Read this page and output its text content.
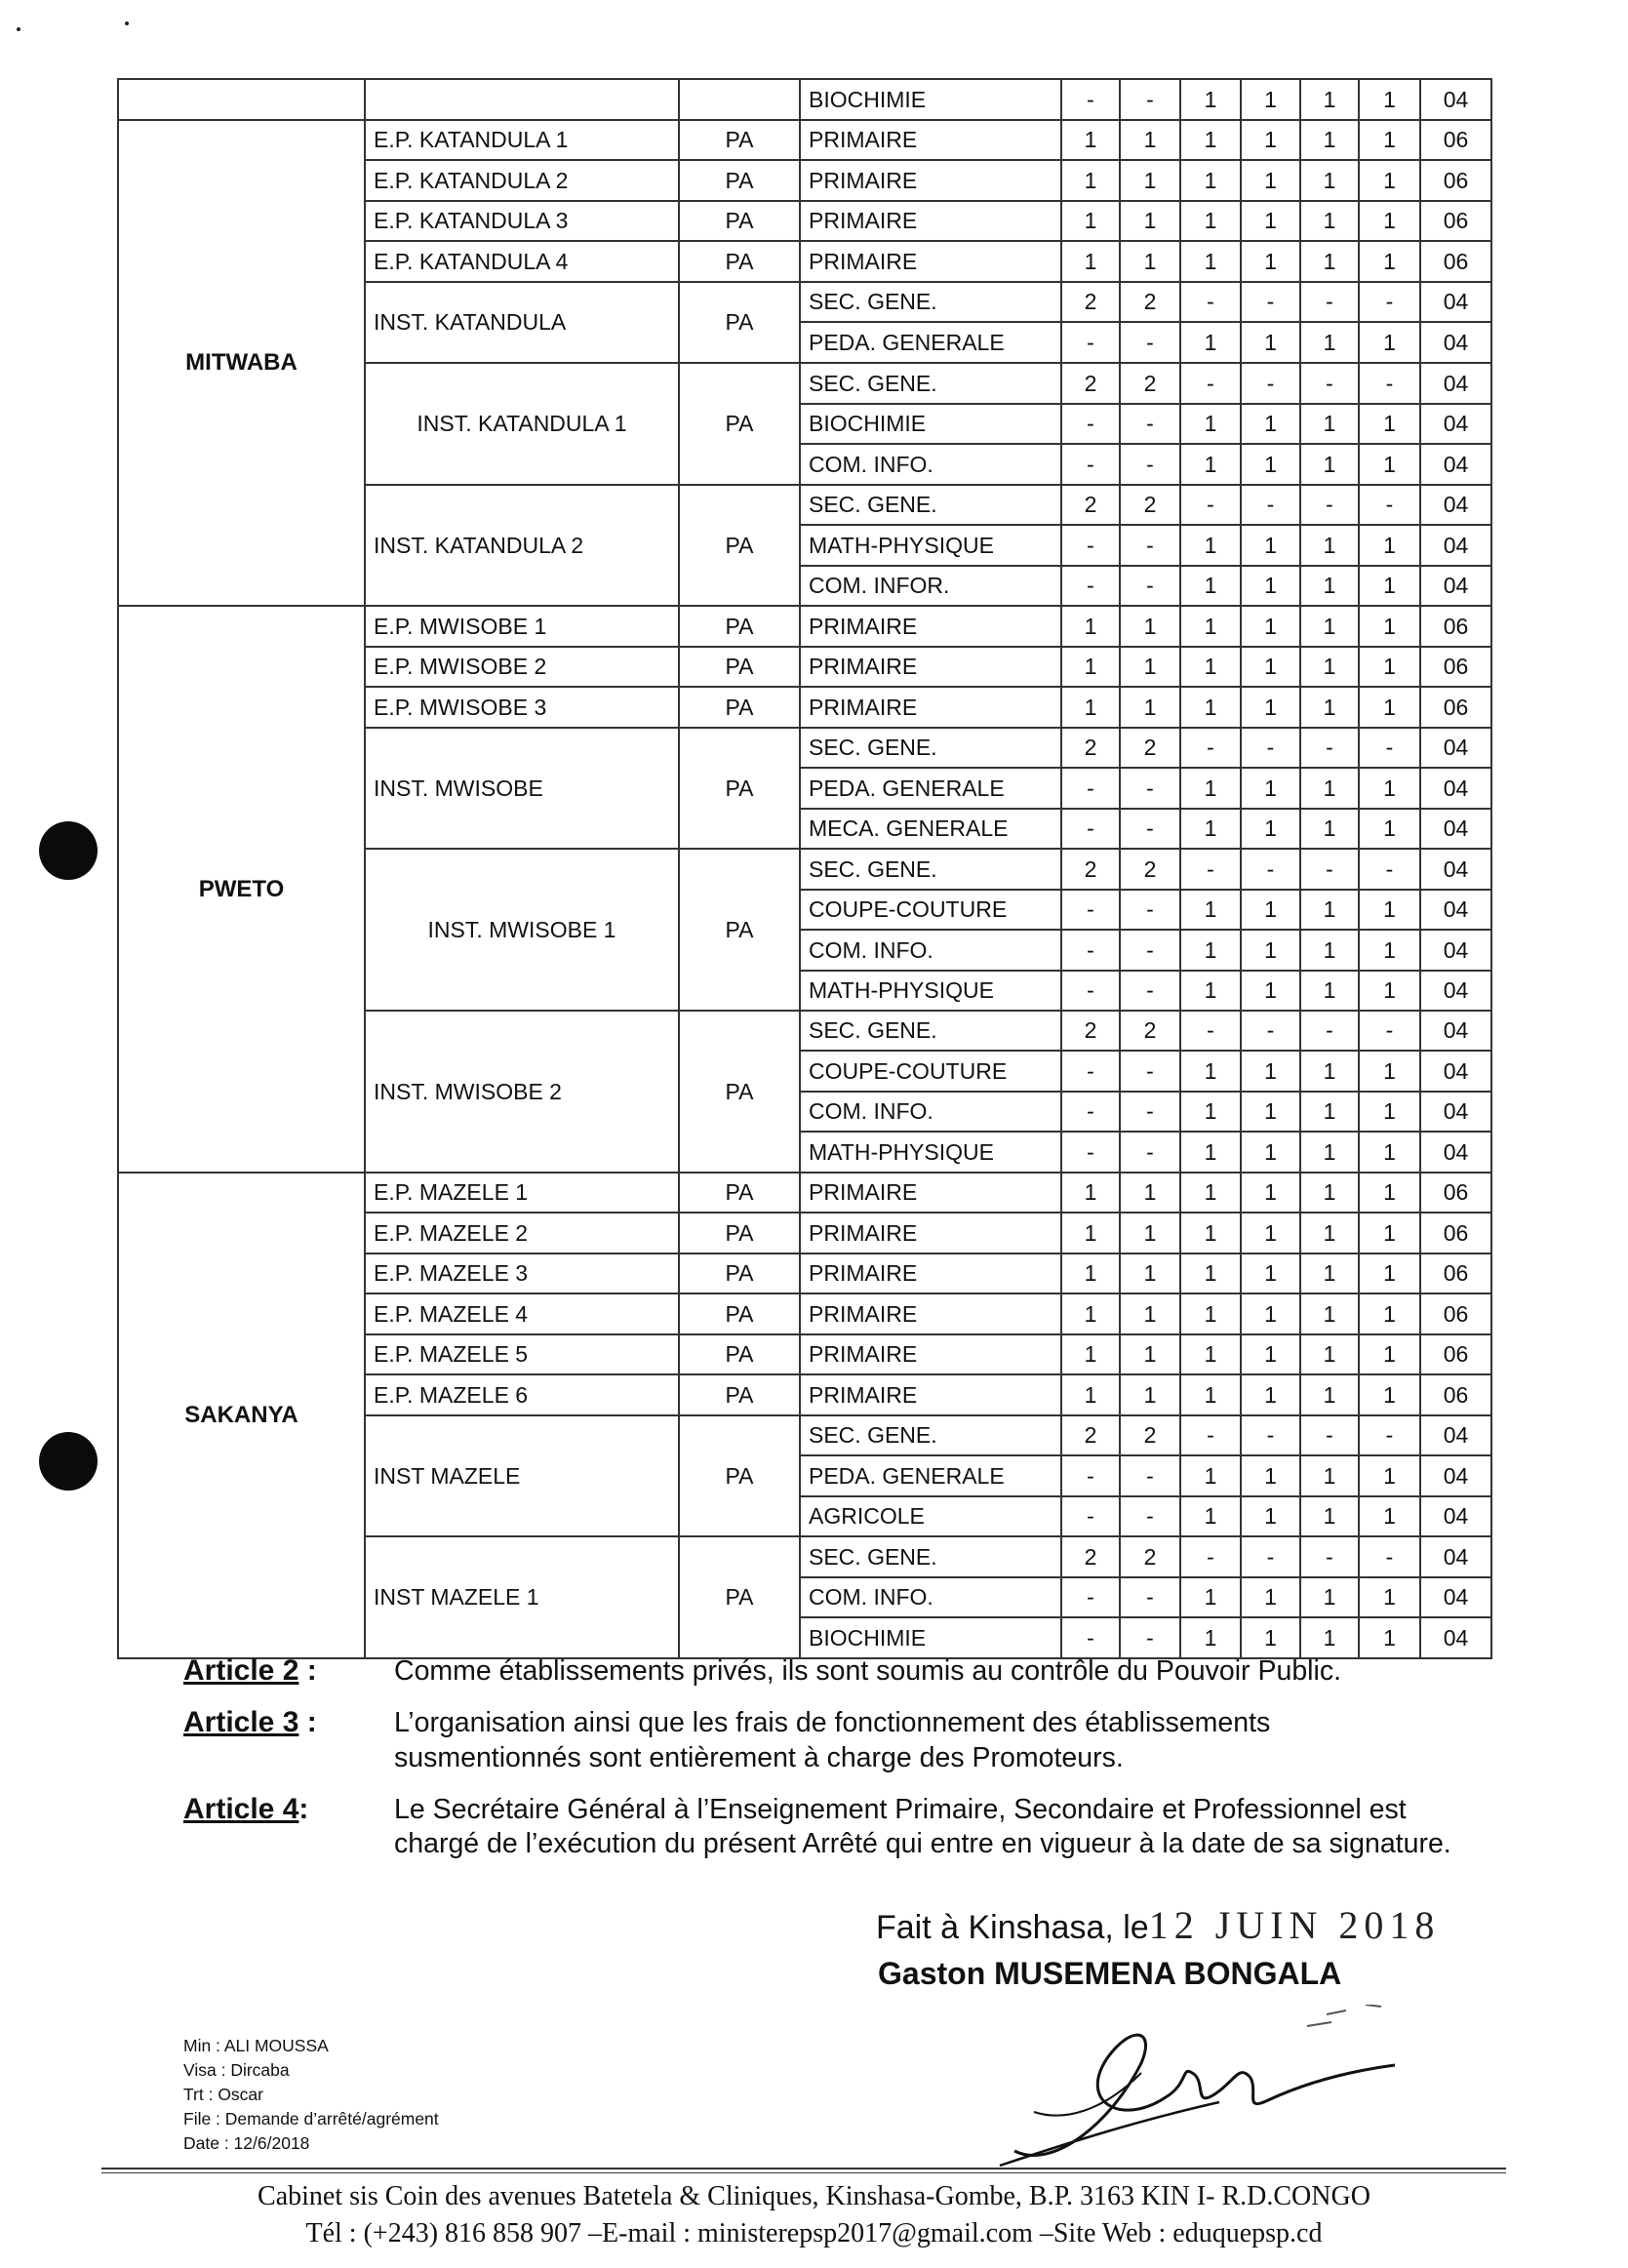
			BIOCHIMIE	-	-	1	1	1	1	04
MITWABA	E.P. KATANDULA 1	PA	PRIMAIRE	1	1	1	1	1	1	06
	E.P. KATANDULA 2	PA	PRIMAIRE	1	1	1	1	1	1	06
	E.P. KATANDULA 3	PA	PRIMAIRE	1	1	1	1	1	1	06
	E.P. KATANDULA 4	PA	PRIMAIRE	1	1	1	1	1	1	06
	INST. KATANDULA	PA	SEC. GENE.	2	2	-	-	-	-	04
			PEDA. GENERALE	-	-	1	1	1	1	04
	INST. KATANDULA 1	PA	SEC. GENE.	2	2	-	-	-	-	04
			BIOCHIMIE	-	-	1	1	1	1	04
			COM. INFO.	-	-	1	1	1	1	04
	INST. KATANDULA 2	PA	SEC. GENE.	2	2	-	-	-	-	04
			MATH-PHYSIQUE	-	-	1	1	1	1	04
			COM. INFOR.	-	-	1	1	1	1	04
PWETO	E.P. MWISOBE 1	PA	PRIMAIRE	1	1	1	1	1	1	06
	E.P. MWISOBE 2	PA	PRIMAIRE	1	1	1	1	1	1	06
	E.P. MWISOBE 3	PA	PRIMAIRE	1	1	1	1	1	1	06
	INST. MWISOBE	PA	SEC. GENE.	2	2	-	-	-	-	04
			PEDA. GENERALE	-	-	1	1	1	1	04
			MECA. GENERALE	-	-	1	1	1	1	04
	INST. MWISOBE 1	PA	SEC. GENE.	2	2	-	-	-	-	04
			COUPE-COUTURE	-	-	1	1	1	1	04
			COM. INFO.	-	-	1	1	1	1	04
			MATH-PHYSIQUE	-	-	1	1	1	1	04
	INST. MWISOBE 2	PA	SEC. GENE.	2	2	-	-	-	-	04
			COUPE-COUTURE	-	-	1	1	1	1	04
			COM. INFO.	-	-	1	1	1	1	04
			MATH-PHYSIQUE	-	-	1	1	1	1	04
SAKANYA	E.P. MAZELE 1	PA	PRIMAIRE	1	1	1	1	1	1	06
	E.P. MAZELE 2	PA	PRIMAIRE	1	1	1	1	1	1	06
	E.P. MAZELE 3	PA	PRIMAIRE	1	1	1	1	1	1	06
	E.P. MAZELE 4	PA	PRIMAIRE	1	1	1	1	1	1	06
	E.P. MAZELE 5	PA	PRIMAIRE	1	1	1	1	1	1	06
	E.P. MAZELE 6	PA	PRIMAIRE	1	1	1	1	1	1	06
	INST MAZELE	PA	SEC. GENE.	2	2	-	-	-	-	04
			PEDA. GENERALE	-	-	1	1	1	1	04
			AGRICOLE	-	-	1	1	1	1	04
	INST MAZELE 1	PA	SEC. GENE.	2	2	-	-	-	-	04
			COM. INFO.	-	-	1	1	1	1	04
			BIOCHIMIE	-	-	1	1	1	1	04
Article 2 :	Comme établissements privés, ils sont soumis au contrôle du Pouvoir Public.
Article 3 :	L’organisation ainsi que les frais de fonctionnement des établissements susmentionnés sont entièrement à charge des Promoteurs.
Article 4:	Le Secrétaire Général à l’Enseignement Primaire, Secondaire et Professionnel est chargé de l’exécution du présent Arrêté qui entre en vigueur à la date de sa signature.
Fait à Kinshasa, le12 JUIN 2018
Gaston MUSEMENA BONGALA
Min : ALI MOUSSA
Visa : Dircaba
Trt : Oscar
File : Demande d’arrêté/agrément
Date : 12/6/2018
Cabinet sis Coin des avenues Batetela & Cliniques, Kinshasa-Gombe, B.P. 3163 KIN I- R.D.CONGO
Tél : (+243) 816 858 907 –E-mail : ministerepsp2017@gmail.com –Site Web : eduquepsp.cd
